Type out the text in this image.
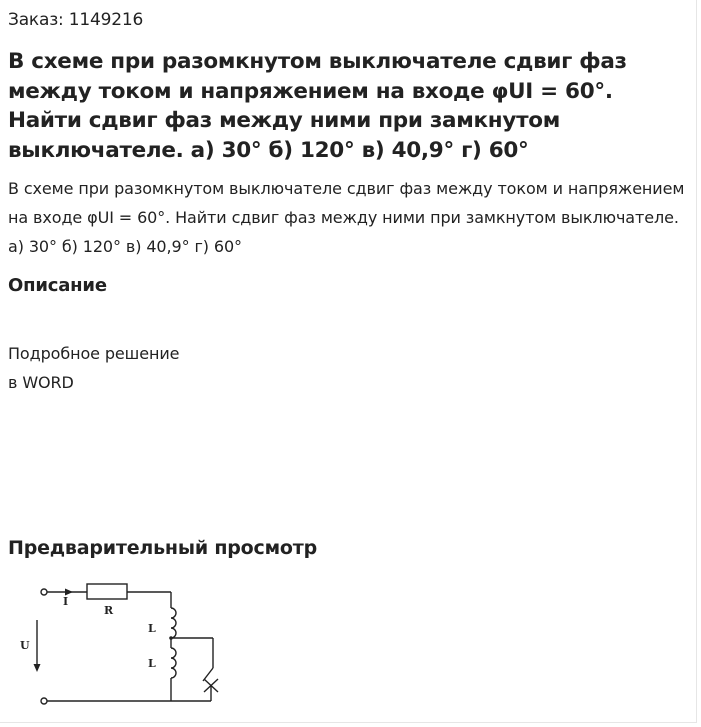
Заказ: 1149216
В схеме при разомкнутом выключателе сдвиг фаз между током и напряжением на входе φUI = 60°. Найти сдвиг фаз между ними при замкнутом выключателе. а) 30° б) 120° в) 40,9° г) 60°

В схеме при разомкнутом выключателе сдвиг фаз между током и напряжением на входе φUI = 60°. Найти сдвиг фаз между ними при замкнутом выключателе. а) 30° б) 120° в) 40,9° г) 60°

Описание
Подробное решение
в WORD
Предварительный просмотр
I
R
L
L
U
